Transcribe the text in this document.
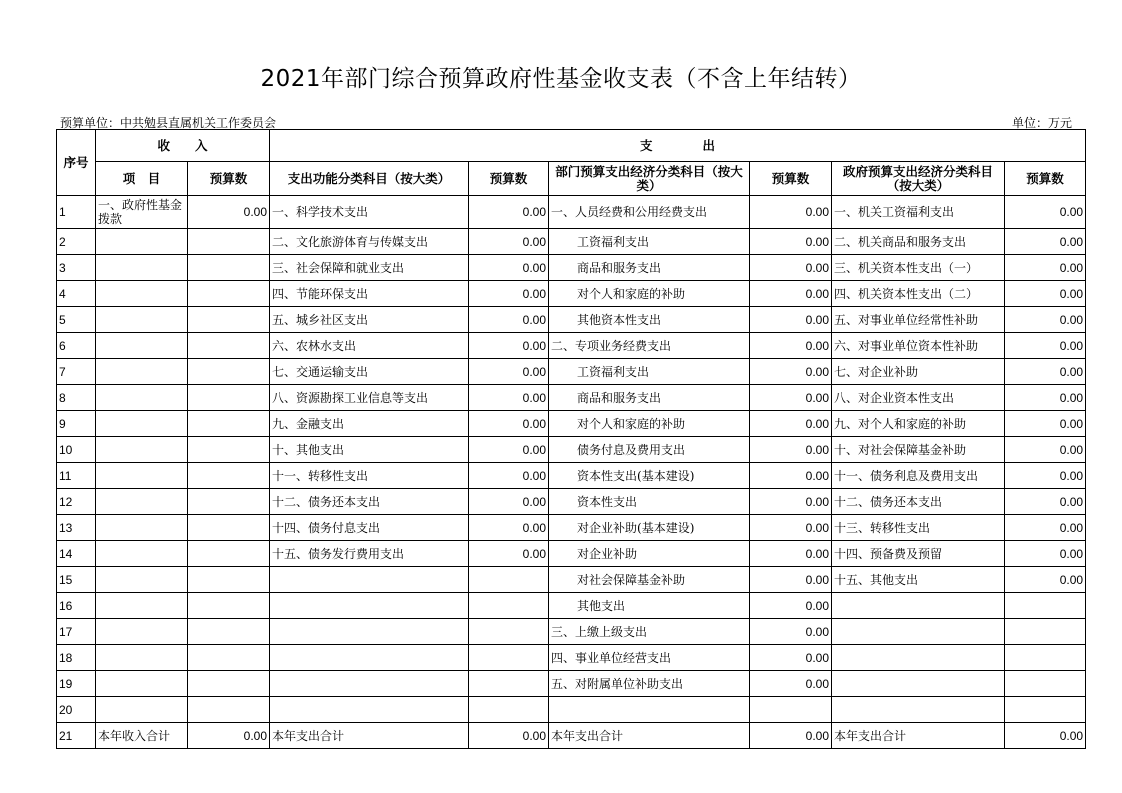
2021年部门综合预算政府性基金收支表（不含上年结转）
预算单位：中共勉县直属机关工作委员会	单位：万元
序号	收　　入		支　　　　出					
	项　目	预算数	支出功能分类科目（按大类）	预算数	部门预算支出经济分类科目（按大类）	预算数	政府预算支出经济分类科目（按大类）	预算数
1	一、政府性基金拨款	0.00	一、科学技术支出	0.00	一、人员经费和公用经费支出	0.00	一、机关工资福利支出	0.00
2			二、文化旅游体育与传媒支出	0.00	工资福利支出	0.00	二、机关商品和服务支出	0.00
3			三、社会保障和就业支出	0.00	商品和服务支出	0.00	三、机关资本性支出（一）	0.00
4			四、节能环保支出	0.00	对个人和家庭的补助	0.00	四、机关资本性支出（二）	0.00
5			五、城乡社区支出	0.00	其他资本性支出	0.00	五、对事业单位经常性补助	0.00
6			六、农林水支出	0.00	二、专项业务经费支出	0.00	六、对事业单位资本性补助	0.00
7			七、交通运输支出	0.00	工资福利支出	0.00	七、对企业补助	0.00
8			八、资源勘探工业信息等支出	0.00	商品和服务支出	0.00	八、对企业资本性支出	0.00
9			九、金融支出	0.00	对个人和家庭的补助	0.00	九、对个人和家庭的补助	0.00
10			十、其他支出	0.00	债务付息及费用支出	0.00	十、对社会保障基金补助	0.00
11			十一、转移性支出	0.00	资本性支出(基本建设)	0.00	十一、债务利息及费用支出	0.00
12			十二、债务还本支出	0.00	资本性支出	0.00	十二、债务还本支出	0.00
13			十四、债务付息支出	0.00	对企业补助(基本建设)	0.00	十三、转移性支出	0.00
14			十五、债务发行费用支出	0.00	对企业补助	0.00	十四、预备费及预留	0.00
15					对社会保障基金补助	0.00	十五、其他支出	0.00
16					其他支出	0.00		
17					三、上缴上级支出	0.00		
18					四、事业单位经营支出	0.00		
19					五、对附属单位补助支出	0.00		
20								
21	本年收入合计	0.00	本年支出合计	0.00	本年支出合计	0.00	本年支出合计	0.00
